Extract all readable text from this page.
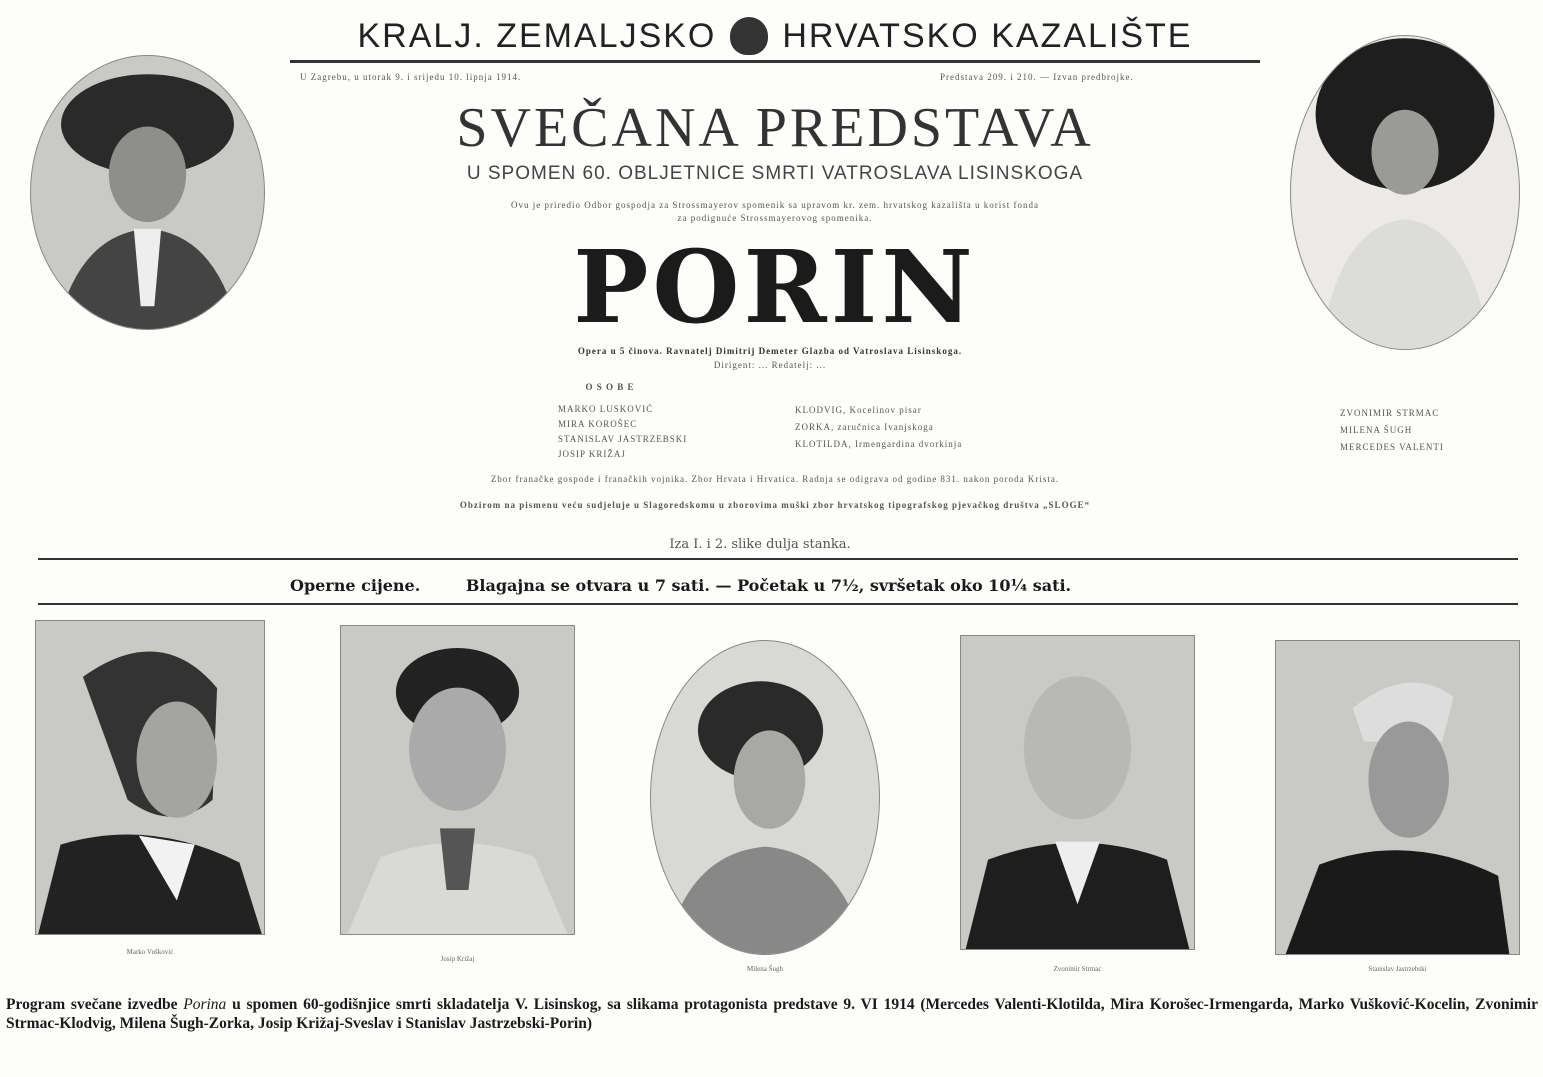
KRALJ. ZEMALJSKO HRVATSKO KAZALIŠTE
U Zagrebu, u utorak 9. i srijedu 10. lipnja 1914.	Predstava 209. i 210. — Izvan predbrojke.
SVEČANA PREDSTAVA
U SPOMEN 60. OBLJETNICE SMRTI VATROSLAVA LISINSKOGA
Ovu je priredio Odbor gospodja za Strossmayerov spomenik sa upravom kr. zem. hrvatskog kazališta u korist fonda
za podignuće Strossmayerovog spomenika.
PORIN
Opera u 5 činova. Ravnatelj Dimitrij Demeter Glazba od Vatroslava Lisinskoga.
Dirigent: ... Redatelj: ...
O S O B E
MARKO LUSKOVIĆ
MIRA KOROŠEC
STANISLAV JASTRZEBSKI
JOSIP KRIŽAJ
KLODVIG, Kocelinov pisar
ZORKA, zaručnica Ivanjskoga
KLOTILDA, Irmengardina dvorkinja
ZVONIMIR STRMAC
MILENA ŠUGH
MERCEDES VALENTI
Zbor franačke gospode i franačkih vojnika. Zbor Hrvata i Hrvatica. Radnja se odigrava od godine 831. nakon poroda Krista.
Obzirom na pismenu veću sudjeluje u Slagoredskomu u zborovima muški zbor hrvatskog tipografskog pjevačkog društva „SLOGE“
Iza I. i 2. slike dulja stanka.
Operne cijene.	Blagajna se otvara u 7 sati. — Početak u 7½, svršetak oko 10¼ sati.
Marko Vušković
Josip Križaj
Milena Šugh	Zvonimir Strmac	Stanislav Jastrzebski
Program svečane izvedbe Porina u spomen 60-godišnjice smrti skladatelja V. Lisinskog, sa slikama protagonista predstave 9. VI 1914 (Mercedes Valenti-Klotilda, Mira Korošec-Irmengarda, Marko Vušković-Kocelin, Zvonimir Strmac-Klodvig, Milena Šugh-Zorka, Josip Križaj-Sveslav i Stanislav Jastrzebski-Porin)
